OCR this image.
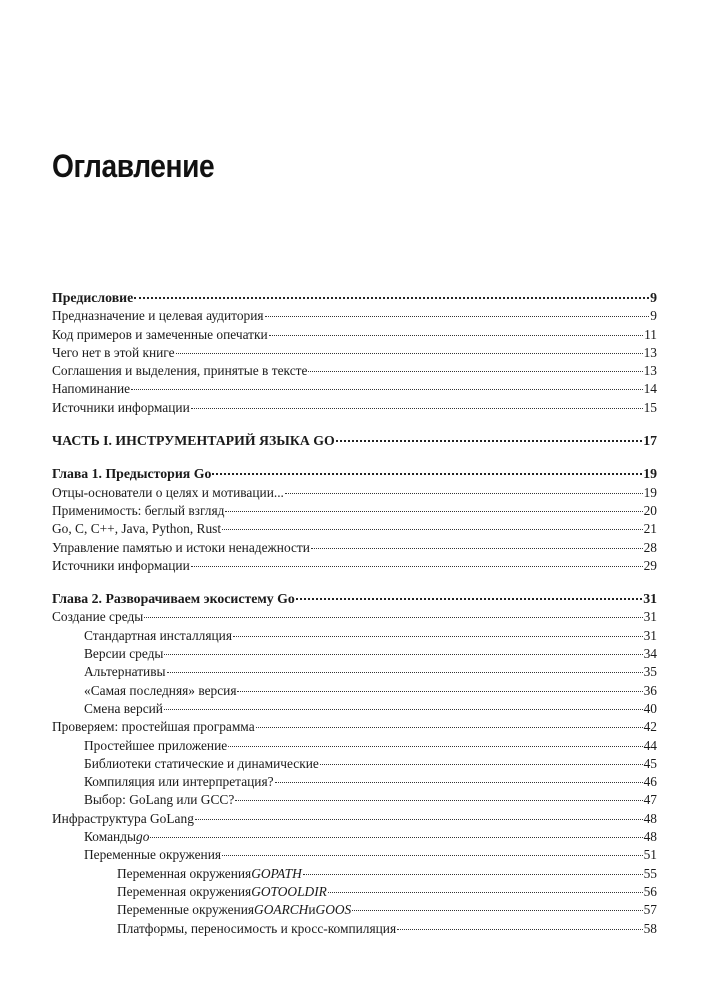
Оглавление
Предисловие	9
Предназначение и целевая аудитория	9
Код примеров и замеченные опечатки	11
Чего нет в этой книге	13
Соглашения и выделения, принятые в тексте	13
Напоминание	14
Источники информации	15
ЧАСТЬ I. ИНСТРУМЕНТАРИЙ ЯЗЫКА GO	17
Глава 1. Предыстория Go	19
Отцы-основатели о целях и мотивации...	19
Применимость: беглый взгляд	20
Go, C, C++, Java, Python, Rust	21
Управление памятью и истоки ненадежности	28
Источники информации	29
Глава 2. Разворачиваем экосистему Go	31
Создание среды	31
Стандартная инсталляция	31
Версии среды	34
Альтернативы	35
«Самая последняя» версия	36
Смена версий	40
Проверяем: простейшая программа	42
Простейшее приложение	44
Библиотеки статические и динамические	45
Компиляция или интерпретация?	46
Выбор: GoLang или GCC?	47
Инфраструктура GoLang	48
Команды go	48
Переменные окружения	51
Переменная окружения GOPATH	55
Переменная окружения GOTOOLDIR	56
Переменные окружения GOARCH и GOOS	57
Платформы, переносимость и кросс-компиляция	58
